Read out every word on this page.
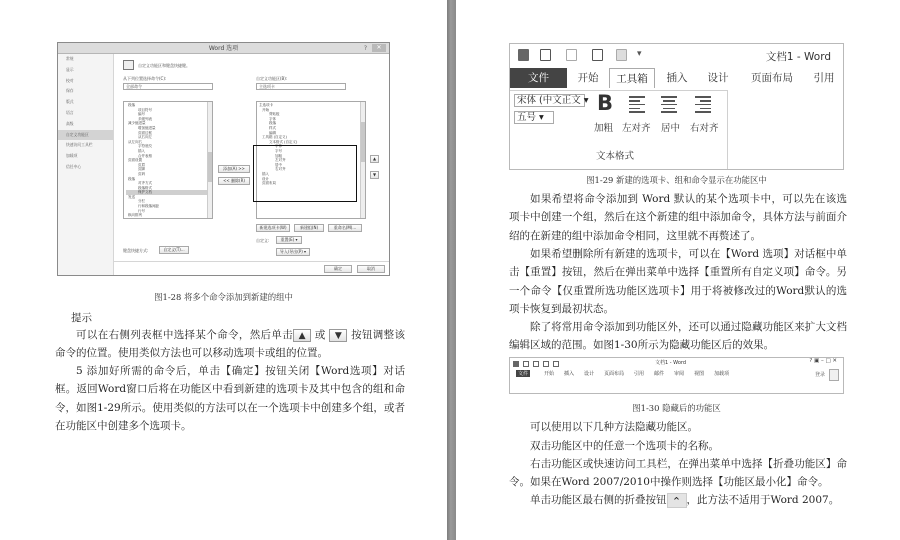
Word 选项	?	✕
常规
显示
校对
保存
版式
语言
高级
自定义功能区
快速访问工具栏
加载项
信任中心
自定义功能区和键盘快捷键。
从下列位置选择命令(C):
全部命令
自定义功能区(B):
主选项卡
段落
项目符号
编号
多级列表
减少缩进量
增加缩进量
页面边框
从右向左
从左向右
字符底纹
插入
合并表格
页面设置
页眉
页脚
页码
段落
对齐方式
段落格式
保护文档
发送
分栏
行和段落间距
行号
纵向排列
添加(A) >>
<< 删除(R)
主选项卡
开始
剪贴板
字体
段落
样式
编辑
工具箱 (自定义)
文本格式 (自定义)
字体
字号
加粗
左对齐
居中
右对齐
插入
设计
页面布局
▲
▼
新建选项卡(W)	新建组(N)	重命名(M)...
自定义:	重置(E) ▾
导入/导出(P) ▾
键盘快捷方式:	自定义(T)...
确定	取消
图1-28 将多个命令添加到新建的组中
提示
可以在右侧列表框中选择某个命令，然后单击 ▲ 或	▼ 按钮调整该命令的位置。使用类似方法也可以移动选项卡或组的位置。
5 添加好所需的命令后，单击【确定】按钮关闭【Word选项】对话框。返回Word窗口后将在功能区中看到新建的选项卡及其中包含的组和命令，如图1-29所示。使用类似的方法可以在一个选项卡中创建多个组，或者在功能区中创建多个选项卡。
▾	文档1 - Word
文件	开始	工具箱	插入	设计	页面布局	引用
宋体 (中文正文 ▾
五号 ▾
B
加粗 左对齐 居中 右对齐
文本格式
图1-29 新建的选项卡、组和命令显示在功能区中
如果希望将命令添加到 Word 默认的某个选项卡中，可以先在该选项卡中创建一个组，然后在这个新建的组中添加命令，具体方法与前面介绍的在新建的组中添加命令相同，这里就不再赘述了。
如果希望删除所有新建的选项卡，可以在【Word 选项】对话框中单击【重置】按钮，然后在弹出菜单中选择【重置所有自定义项】命令。另一个命令【仅重置所选功能区选项卡】用于将被修改过的Word默认的选项卡恢复到最初状态。
除了将常用命令添加到功能区外，还可以通过隐藏功能区来扩大文档编辑区域的范围。如图1-30所示为隐藏功能区后的效果。
文档1 - Word	? ▣ – □ ✕
文件	开始	插入	设计	页面布局	引用	邮件	审阅	视图	加载项	登录
图1-30 隐藏后的功能区
可以使用以下几种方法隐藏功能区。
双击功能区中的任意一个选项卡的名称。
右击功能区或快速访问工具栏，在弹出菜单中选择【折叠功能区】命令。如果在Word 2007/2010中操作则选择【功能区最小化】命令。
单击功能区最右侧的折叠按钮 ⌃ ，此方法不适用于Word 2007。
